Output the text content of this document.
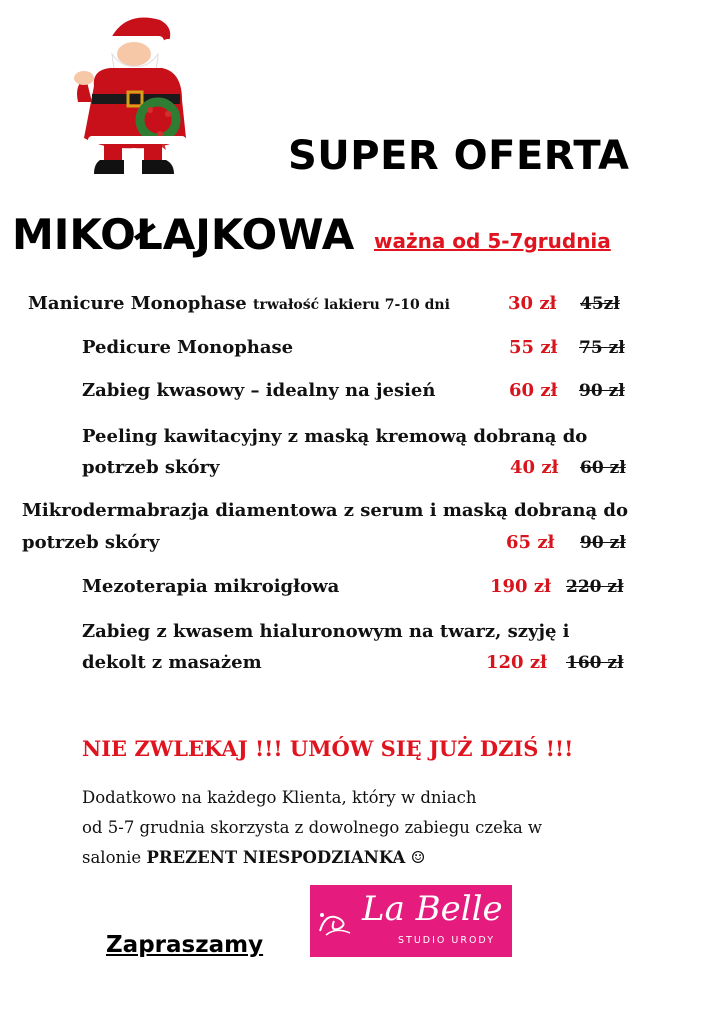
SUPER OFERTA
MIKOŁAJKOWA ważna od 5-7grudnia
Manicure Monophase trwałość lakieru 7-10 dni	30 zł 45zł
Pedicure Monophase	55 zł 75 zł
Zabieg kwasowy – idealny na jesień	60 zł 90 zł
Peeling kawitacyjny z maską kremową dobraną do
potrzeb skóry	40 zł 60 zł
Mikrodermabrazja diamentowa z serum i maską dobraną do
potrzeb skóry	65 zł 90 zł
Mezoterapia mikroigłowa	190 zł 220 zł
Zabieg z kwasem hialuronowym na twarz, szyję i
dekolt z masażem	120 zł 160 zł
NIE ZWLEKAJ !!! UMÓW SIĘ JUŻ DZIŚ !!!
Dodatkowo na każdego Klienta, który w dniach
od 5-7 grudnia skorzysta z dowolnego zabiegu czeka w
salonie PREZENT NIESPODZIANKA ☺
Zapraszamy
La Belle
STUDIO URODY
